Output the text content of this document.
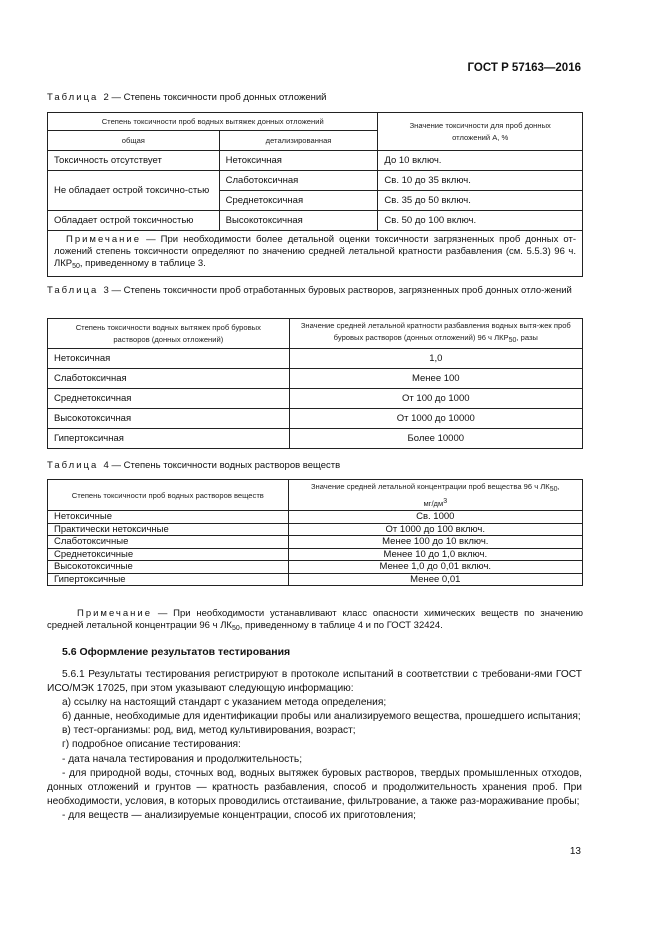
ГОСТ Р 57163—2016
Таблица 2 — Степень токсичности проб донных отложений
Степень токсичности проб водных вытяжек донных отложений		Значение токсичности для проб донных отложений А, %
общая	детализированная	
Токсичность отсутствует	Нетоксичная	До 10 включ.
Не обладает острой токсично-стью	Слаботоксичная	Св. 10 до 35 включ.
	Среднетоксичная	Св. 35 до 50 включ.
Обладает острой токсичностью	Высокотоксичная	Св. 50 до 100 включ.
Примечание — При необходимости более детальной оценки токсичности загрязненных проб донных от-ложений степень токсичности определяют по значению средней летальной кратности разбавления (см. 5.5.3) 96 ч. $ЛКР_{50}$, приведенному в таблице 3.		
Таблица 3 — Степень токсичности проб отработанных буровых растворов, загрязненных проб донных отло-жений
Степень токсичности водных вытяжек проб буровых растворов (донных отложений)	Значение средней летальной кратности разбавления водных вытя-жек проб буровых растворов (донных отложений) 96 ч $ЛКР_{50}$, разы
Нетоксичная	1,0
Слаботоксичная	Менее 100
Среднетоксичная	От 100 до 1000
Высокотоксичная	От 1000 до 10000
Гипертоксичная	Более 10000
Таблица 4 — Степень токсичности водных растворов веществ
Степень токсичности проб водных растворов веществ	Значение средней летальной концентрации проб вещества 96 ч $ЛК_{50}$, $мг/дм^3$
Нетоксичные	Св. 1000
Практически нетоксичные	От 1000 до 100 включ.
Слаботоксичные	Менее 100 до 10 включ.
Среднетоксичные	Менее 10 до 1,0 включ.
Высокотоксичные	Менее 1,0 до 0,01 включ.
Гипертоксичные	Менее 0,01
Примечание — При необходимости устанавливают класс опасности химических веществ по значению средней летальной концентрации 96 ч $ЛК_{50}$, приведенному в таблице 4 и по ГОСТ 32424.
5.6 Оформление результатов тестирования

5.6.1 Результаты тестирования регистрируют в протоколе испытаний в соответствии с требовани-ями ГОСТ ИСО/МЭК 17025, при этом указывают следующую информацию:

а) ссылку на настоящий стандарт с указанием метода определения;

б) данные, необходимые для идентификации пробы или анализируемого вещества, прошедшего испытания;

в) тест-организмы: род, вид, метод культивирования, возраст;

г) подробное описание тестирования:

- дата начала тестирования и продолжительность;

- для природной воды, сточных вод, водных вытяжек буровых растворов, твердых промышленных отходов, донных отложений и грунтов — кратность разбавления, способ и продолжительность хранения проб. При необходимости, условия, в которых проводились отстаивание, фильтрование, а также раз-мораживание пробы;

- для веществ — анализируемые концентрации, способ их приготовления;

13
